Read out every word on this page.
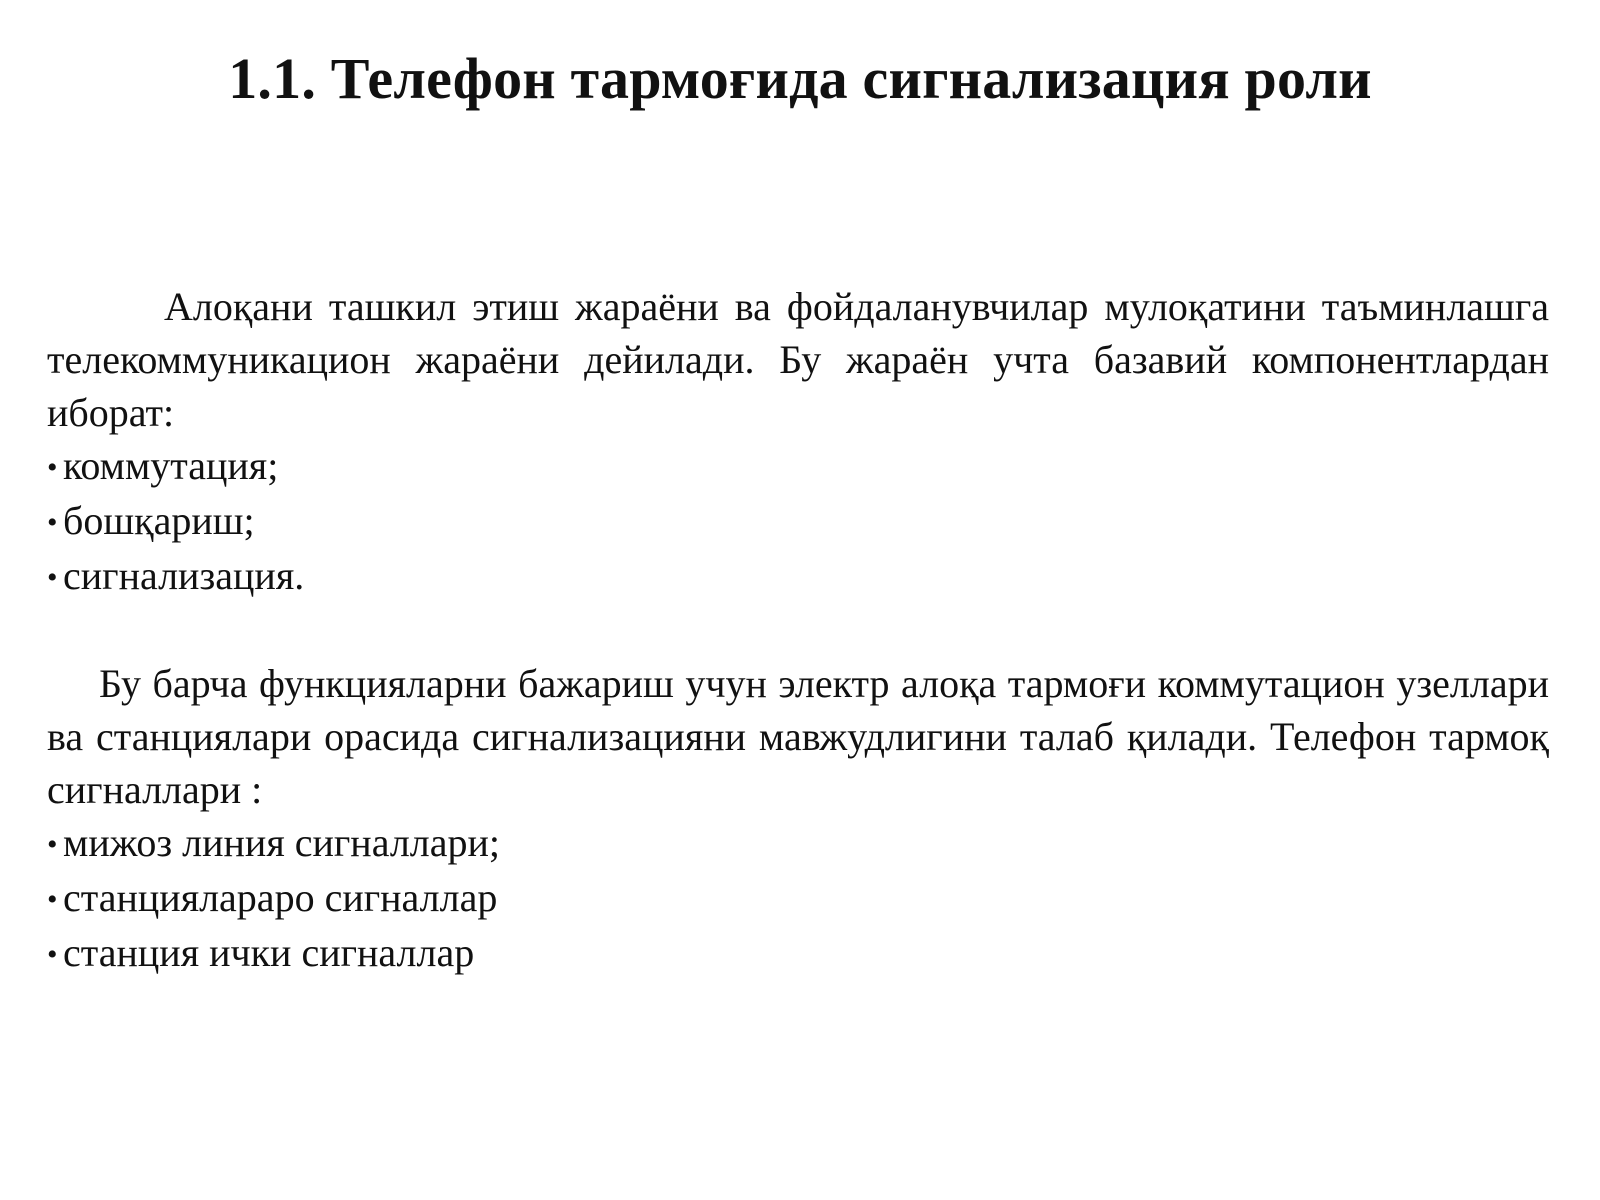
1.1. Телефон тармоғида сигнализация роли

Алоқани ташкил этиш жараёни ва фойдаланувчилар мулоқатини таъминлашга телекоммуникацион жараёни дейилади. Бу жараён учта базавий компонентлардан иборат:

• коммутация;
• бошқариш;
• сигнализация.

Бу барча функцияларни бажариш учун электр алоқа тармоғи коммутацион узеллари ва станциялари орасида сигнализацияни мавжудлигини талаб қилади. Телефон тармоқ сигналлари :

• мижоз линия сигналлари;
• станцияларaро сигналлар
• станция ички сигналлар
